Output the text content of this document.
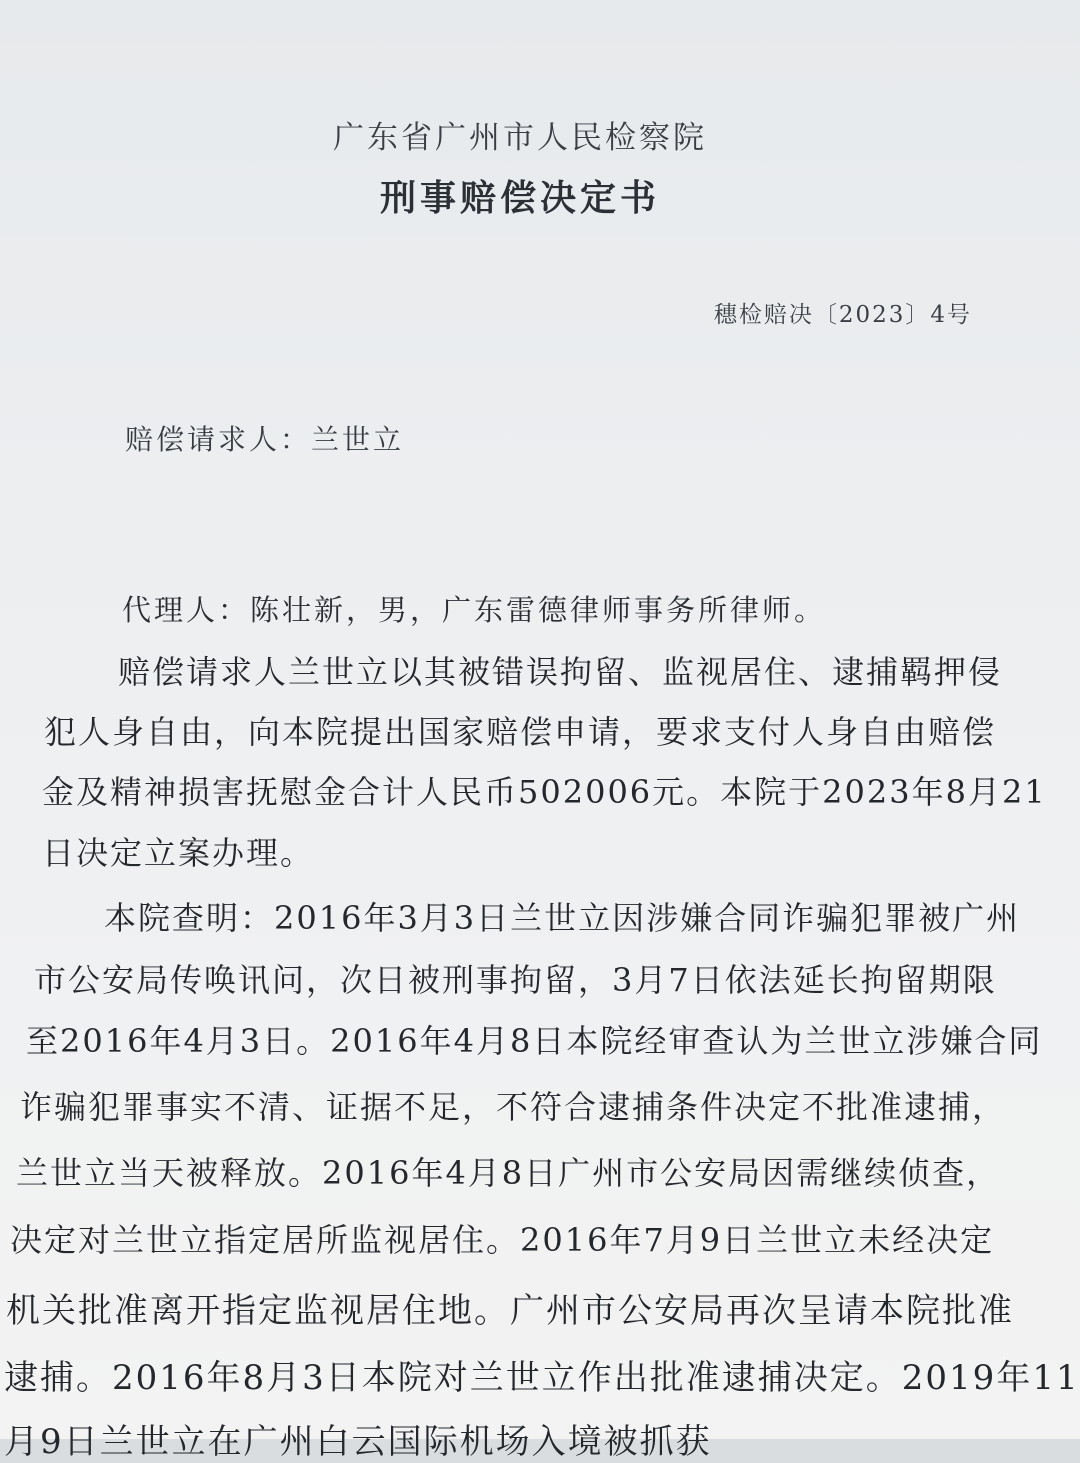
广东省广州市人民检察院

刑事赔偿决定书

穗检赔决〔2023〕4号

赔偿请求人：兰世立

代理人：陈壮新，男，广东雷德律师事务所律师。

赔偿请求人兰世立以其被错误拘留、监视居住、逮捕羁押侵

犯人身自由，向本院提出国家赔偿申请，要求支付人身自由赔偿

金及精神损害抚慰金合计人民币502006元。本院于2023年8月21

日决定立案办理。

本院查明：2016年3月3日兰世立因涉嫌合同诈骗犯罪被广州

市公安局传唤讯问，次日被刑事拘留，3月7日依法延长拘留期限

至2016年4月3日。2016年4月8日本院经审查认为兰世立涉嫌合同

诈骗犯罪事实不清、证据不足，不符合逮捕条件决定不批准逮捕，

兰世立当天被释放。2016年4月8日广州市公安局因需继续侦查，

决定对兰世立指定居所监视居住。2016年7月9日兰世立未经决定

机关批准离开指定监视居住地。广州市公安局再次呈请本院批准

逮捕。2016年8月3日本院对兰世立作出批准逮捕决定。2019年11

月9日兰世立在广州白云国际机场入境被抓获
